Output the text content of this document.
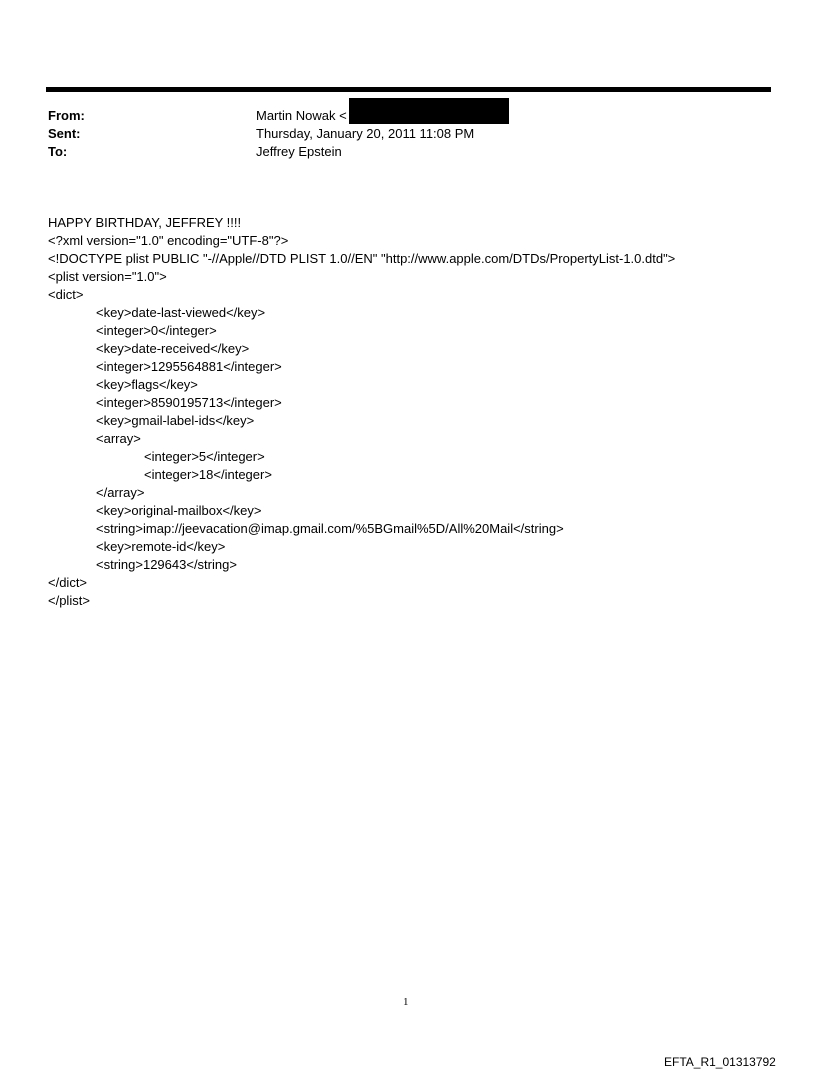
From:	Martin Nowak <
Sent:	Thursday, January 20, 2011 11:08 PM
To:	Jeffrey Epstein
HAPPY BIRTHDAY, JEFFREY !!!!
<?xml version="1.0" encoding="UTF-8"?>
<!DOCTYPE plist PUBLIC "-//Apple//DTD PLIST 1.0//EN" "http://www.apple.com/DTDs/PropertyList-1.0.dtd">
<plist version="1.0">
<dict>
<key>date-last-viewed</key>
<integer>0</integer>
<key>date-received</key>
<integer>1295564881</integer>
<key>flags</key>
<integer>8590195713</integer>
<key>gmail-label-ids</key>
<array>
<integer>5</integer>
<integer>18</integer>
</array>
<key>original-mailbox</key>
<string>imap://jeevacation@imap.gmail.com/%5BGmail%5D/All%20Mail</string>
<key>remote-id</key>
<string>129643</string>
</dict>
</plist>
1
EFTA_R1_01313792
